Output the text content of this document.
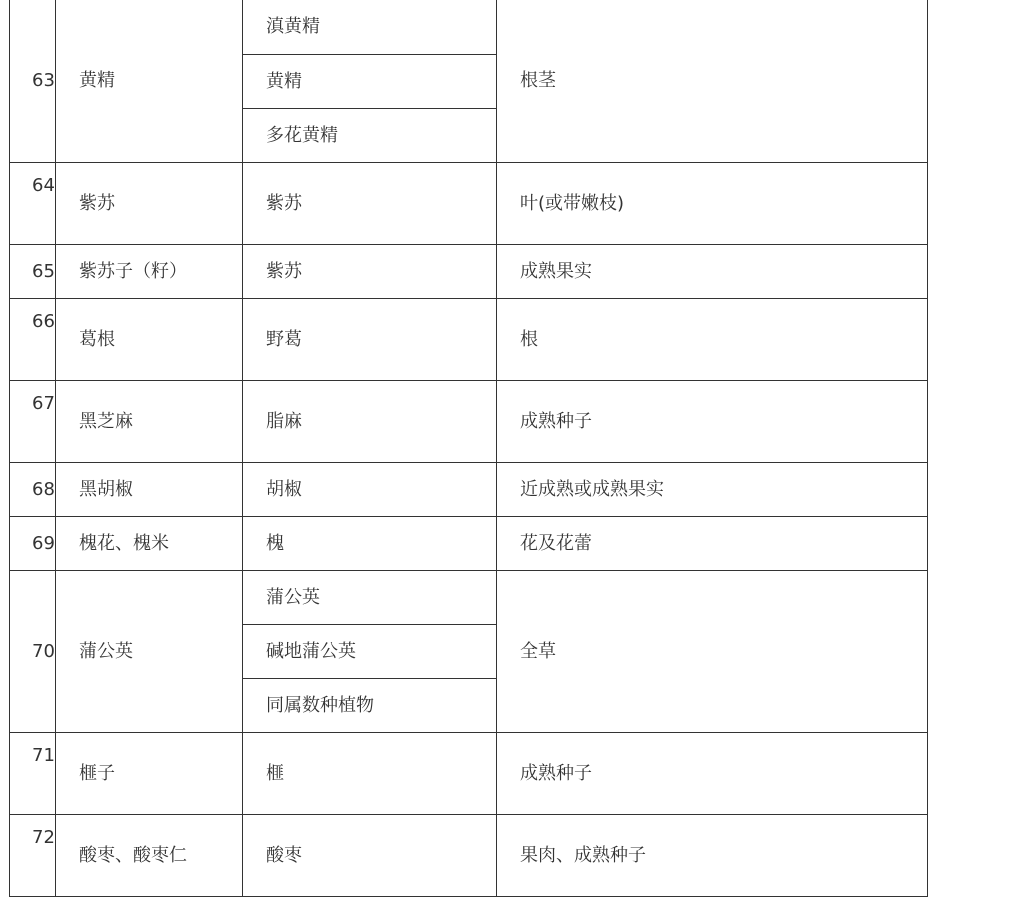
63	黄精	滇黄精	根茎
		黄精	
		多花黄精	
64	紫苏	紫苏	叶(或带嫩枝)
65	紫苏子（籽）	紫苏	成熟果实
66	葛根	野葛	根
67	黑芝麻	脂麻	成熟种子
68	黑胡椒	胡椒	近成熟或成熟果实
69	槐花、槐米	槐	花及花蕾
70	蒲公英	蒲公英	全草
		碱地蒲公英	
		同属数种植物	
71	榧子	榧	成熟种子
72	酸枣、酸枣仁	酸枣	果肉、成熟种子
